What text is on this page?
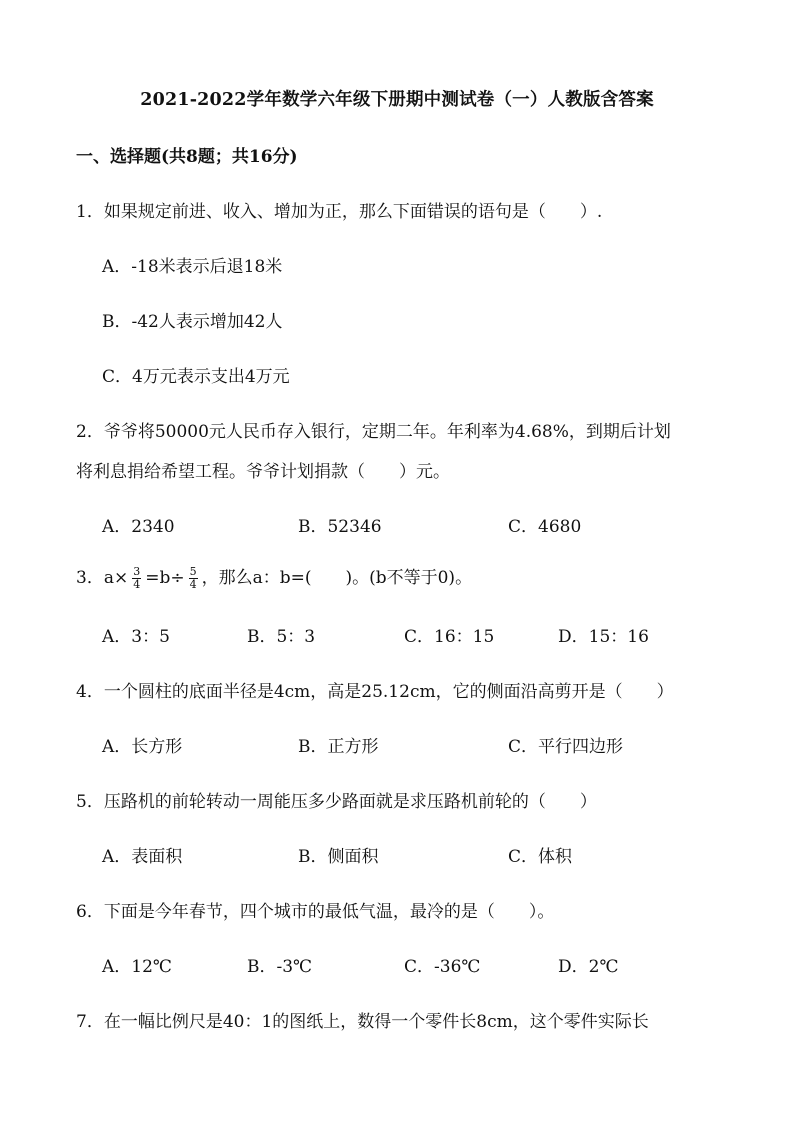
2021-2022学年数学六年级下册期中测试卷（一）人教版含答案
一、选择题(共8题；共16分)
1．如果规定前进、收入、增加为正，那么下面错误的语句是（　　）.
A．-18米表示后退18米
B．-42人表示增加42人
C．4万元表示支出4万元
2．爷爷将50000元人民币存入银行，定期二年。年利率为4.68%，到期后计划
将利息捐给希望工程。爷爷计划捐款（　　）元。
A．2340	B．52346	C．4680
3．$a\times \frac{3}{4} =b\div \frac{5}{4}$ ，那么a：b=(　　)。(b不等于0)。
A．3：5	B．5：3	C．16：15	D．15：16
4．一个圆柱的底面半径是4cm，高是25.12cm，它的侧面沿高剪开是（　　）
A．长方形	B．正方形	C．平行四边形
5．压路机的前轮转动一周能压多少路面就是求压路机前轮的（　　）
A．表面积	B．侧面积	C．体积
6．下面是今年春节，四个城市的最低气温，最冷的是（　　）。
A．12℃	B．-3℃	C．-36℃	D．2℃
7．在一幅比例尺是40：1的图纸上，数得一个零件长8cm，这个零件实际长
